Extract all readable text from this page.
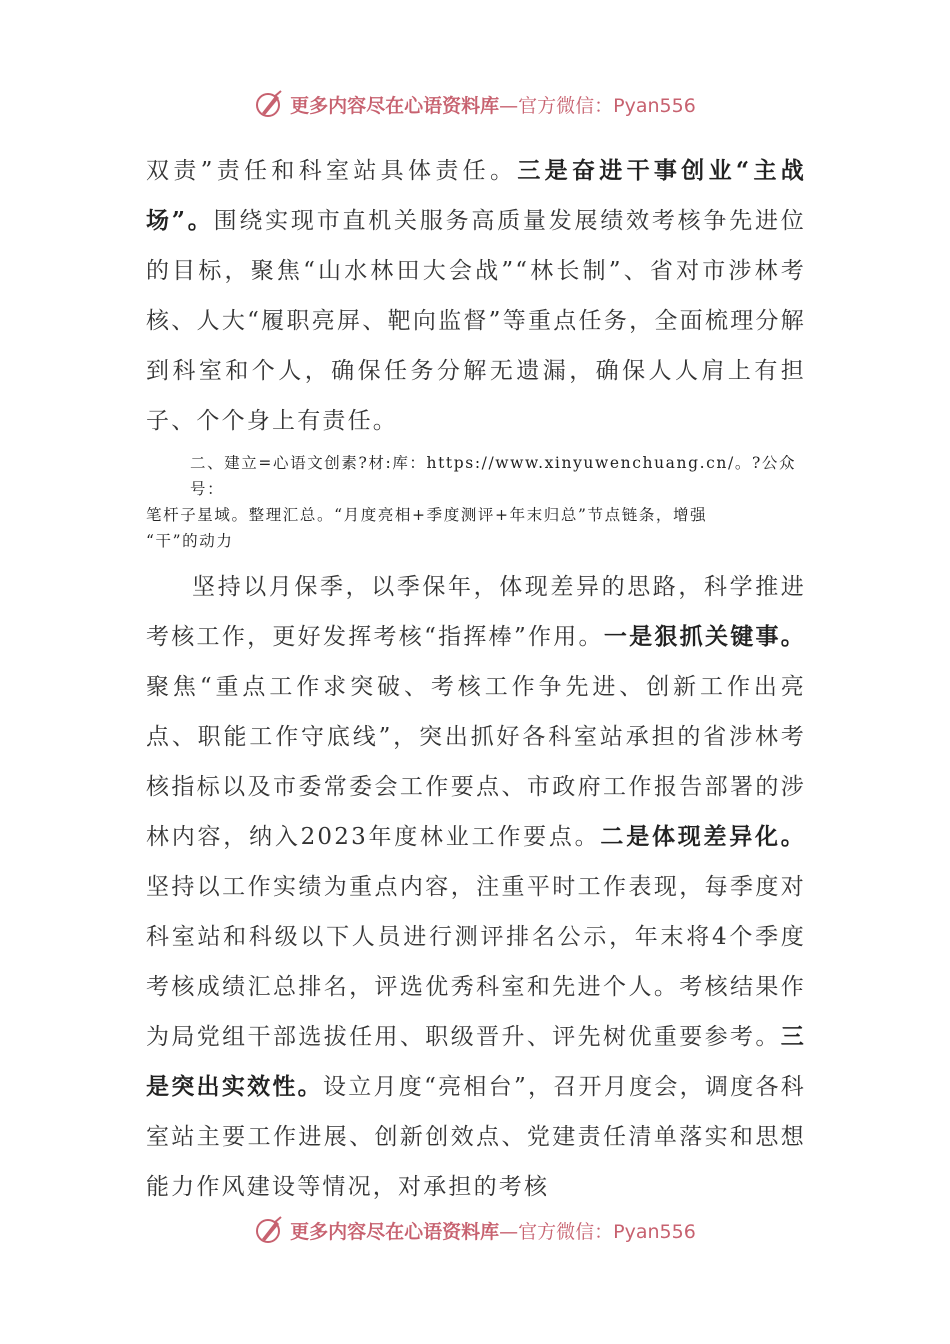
更多内容尽在心语资料库—官方微信：Pyan556

双责”责任和科室站具体责任。三是奋进干事创业“主战场”。围绕实现市直机关服务高质量发展绩效考核争先进位的目标，聚焦“山水林田大会战”“林长制”、省对市涉林考核、人大“履职亮屏、靶向监督”等重点任务，全面梳理分解到科室和个人，确保任务分解无遗漏，确保人人肩上有担子、个个身上有责任。

二、建立=心语文创素?材:库：https://www.xinyuwenchuang.cn/。?公众号：
笔杆子星域。整理汇总。“月度亮相+季度测评+年末归总”节点链条，增强
“干”的动力

坚持以月保季，以季保年，体现差异的思路，科学推进考核工作，更好发挥考核“指挥棒”作用。一是狠抓关键事。聚焦“重点工作求突破、考核工作争先进、创新工作出亮点、职能工作守底线”，突出抓好各科室站承担的省涉林考核指标以及市委常委会工作要点、市政府工作报告部署的涉林内容，纳入2023年度林业工作要点。二是体现差异化。坚持以工作实绩为重点内容，注重平时工作表现，每季度对科室站和科级以下人员进行测评排名公示，年末将4个季度考核成绩汇总排名，评选优秀科室和先进个人。考核结果作为局党组干部选拔任用、职级晋升、评先树优重要参考。三是突出实效性。设立月度“亮相台”，召开月度会，调度各科室站主要工作进展、创新创效点、党建责任清单落实和思想能力作风建设等情况，对承担的考核

更多内容尽在心语资料库—官方微信：Pyan556
